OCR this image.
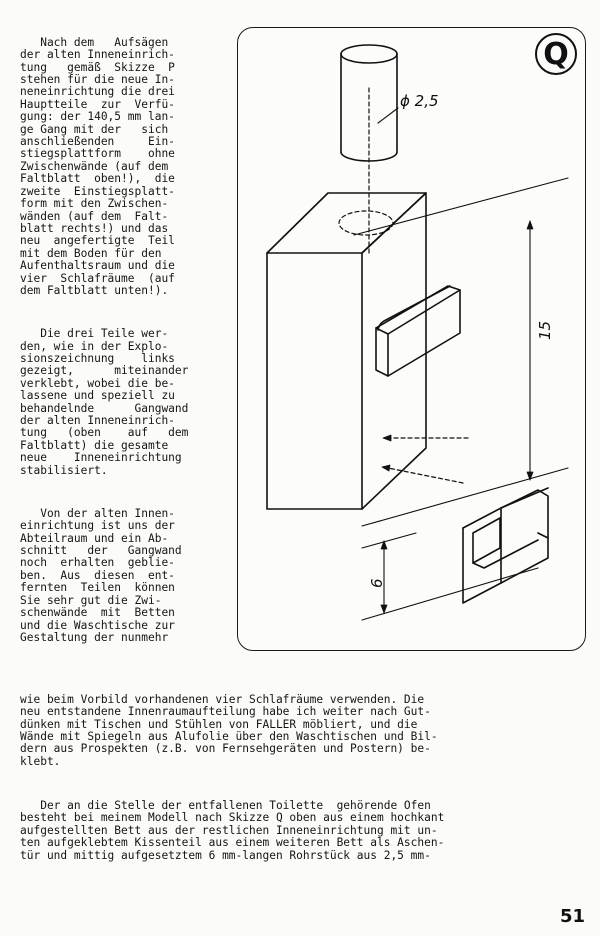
Nach dem   Aufsägen
der alten Inneneinrich-
tung   gemäß  Skizze  P
stehen für die neue In-
neneinrichtung die drei
Hauptteile  zur  Verfü-
gung: der 140,5 mm lan-
ge Gang mit der   sich
anschließenden     Ein-
stiegsplattform    ohne
Zwischenwände (auf dem
Faltblatt  oben!),  die
zweite  Einstiegsplatt-
form mit den Zwischen-
wänden (auf dem  Falt-
blatt rechts!) und das
neu  angefertigte  Teil
mit dem Boden für den
Aufenthaltsraum und die
vier  Schlafräume  (auf
dem Faltblatt unten!).

Die drei Teile wer-
den, wie in der Explo-
sionszeichnung    links
gezeigt,      miteinander
verklebt, wobei die be-
lassene und speziell zu
behandelnde      Gangwand
der alten Inneneinrich-
tung   (oben    auf   dem
Faltblatt) die gesamte
neue    Inneneinrichtung
stabilisiert.

Von der alten Innen-
einrichtung ist uns der
Abteilraum und ein Ab-
schnitt   der   Gangwand
noch  erhalten  geblie-
ben.  Aus  diesen  ent-
fernten  Teilen  können
Sie sehr gut die Zwi-
schenwände  mit  Betten
und die Waschtische zur
Gestaltung der nunmehr

Q
ϕ 2,5
15
6

wie beim Vorbild vorhandenen vier Schlafräume verwenden. Die
neu entstandene Innenraumaufteilung habe ich weiter nach Gut-
dünken mit Tischen und Stühlen von FALLER möbliert, und die
Wände mit Spiegeln aus Alufolie über den Waschtischen und Bil-
dern aus Prospekten (z.B. von Fernsehgeräten und Postern) be-
klebt.

Der an die Stelle der entfallenen Toilette  gehörende Ofen
besteht bei meinem Modell nach Skizze Q oben aus einem hochkant
aufgestellten Bett aus der restlichen Inneneinrichtung mit un-
ten aufgeklebtem Kissenteil aus einem weiteren Bett als Aschen-
tür und mittig aufgesetztem 6 mm-langen Rohrstück aus 2,5 mm-

51
